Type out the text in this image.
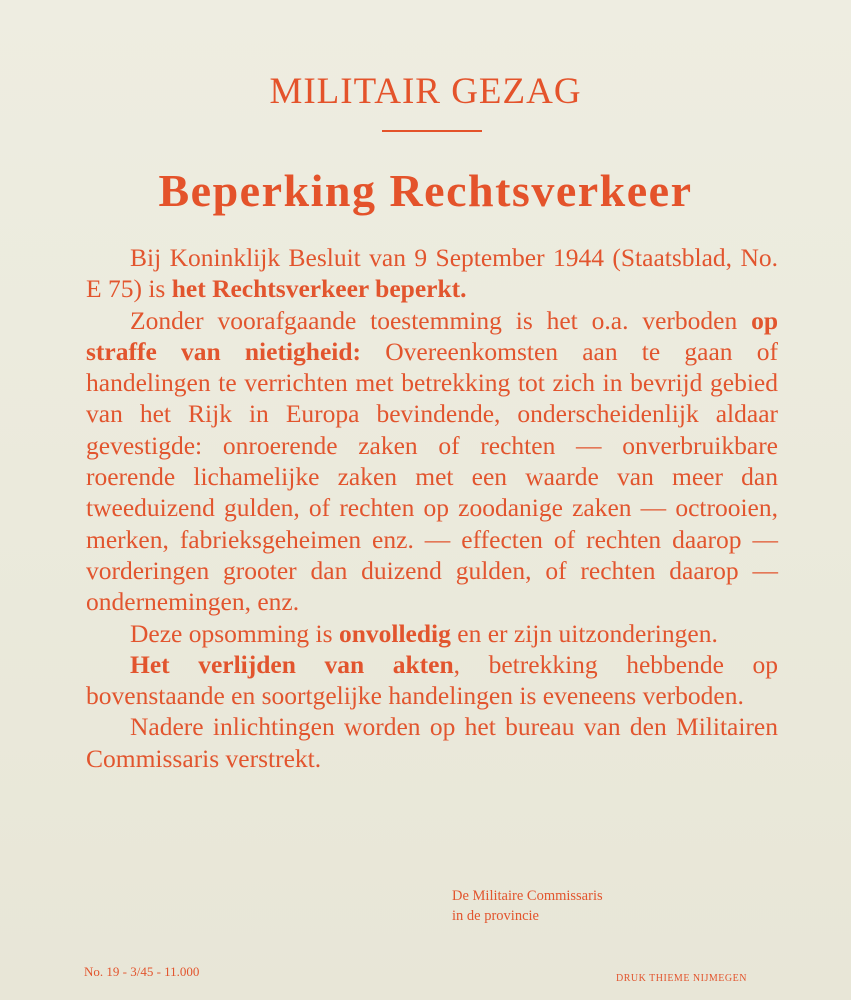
MILITAIR GEZAG
Beperking Rechtsverkeer

Bij Koninklijk Besluit van 9 September 1944 (Staatsblad, No. E 75) is het Rechtsverkeer beperkt.

Zonder voorafgaande toestemming is het o.a. verboden op straffe van nietigheid: Overeenkomsten aan te gaan of handelingen te verrichten met betrekking tot zich in bevrijd gebied van het Rijk in Europa bevindende, onderscheidenlijk aldaar gevestigde: onroerende zaken of rechten — onverbruikbare roerende lichamelijke zaken met een waarde van meer dan tweeduizend gulden, of rechten op zoodanige zaken — octrooien, merken, fabrieksgeheimen enz. — effecten of rechten daarop — vorderingen grooter dan duizend gulden, of rechten daarop — ondernemingen, enz.

Deze opsomming is onvolledig en er zijn uitzonderingen.

Het verlijden van akten, betrekking hebbende op bovenstaande en soortgelijke handelingen is eveneens verboden.

Nadere inlichtingen worden op het bureau van den Militairen Commissaris verstrekt.

De Militaire Commissaris
in de provincie
No. 19 - 3/45 - 11.000	DRUK THIEME NIJMEGEN
